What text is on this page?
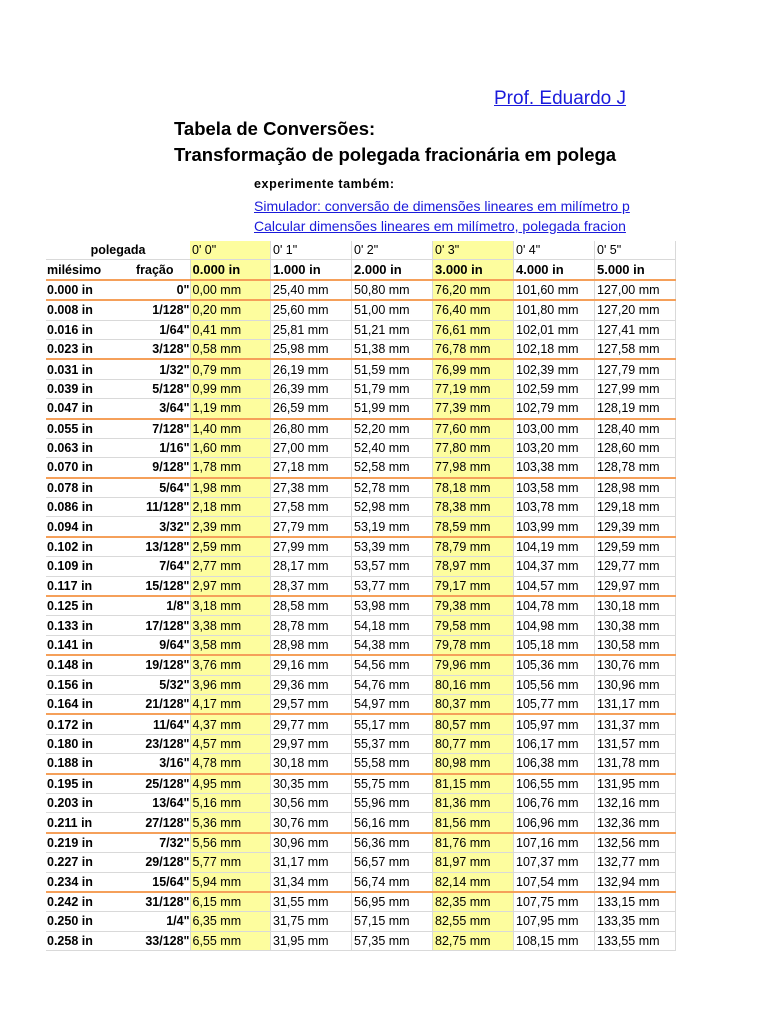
Prof. Eduardo J
Tabela de Conversões:
Transformação de polegada fracionária em polega
experimente também:
Simulador: conversão de dimensões lineares em milímetro p
Calcular dimensões lineares em milímetro, polegada fracion
polegada		0' 0"	0' 1"	0' 2"	0' 3"	0' 4"	0' 5"
milésimo	fração	0.000 in	1.000 in	2.000 in	3.000 in	4.000 in	5.000 in
0.000 in	0"	0,00 mm	25,40 mm	50,80 mm	76,20 mm	101,60 mm	127,00 mm
0.008 in	1/128"	0,20 mm	25,60 mm	51,00 mm	76,40 mm	101,80 mm	127,20 mm
0.016 in	1/64"	0,41 mm	25,81 mm	51,21 mm	76,61 mm	102,01 mm	127,41 mm
0.023 in	3/128"	0,58 mm	25,98 mm	51,38 mm	76,78 mm	102,18 mm	127,58 mm
0.031 in	1/32"	0,79 mm	26,19 mm	51,59 mm	76,99 mm	102,39 mm	127,79 mm
0.039 in	5/128"	0,99 mm	26,39 mm	51,79 mm	77,19 mm	102,59 mm	127,99 mm
0.047 in	3/64"	1,19 mm	26,59 mm	51,99 mm	77,39 mm	102,79 mm	128,19 mm
0.055 in	7/128"	1,40 mm	26,80 mm	52,20 mm	77,60 mm	103,00 mm	128,40 mm
0.063 in	1/16"	1,60 mm	27,00 mm	52,40 mm	77,80 mm	103,20 mm	128,60 mm
0.070 in	9/128"	1,78 mm	27,18 mm	52,58 mm	77,98 mm	103,38 mm	128,78 mm
0.078 in	5/64"	1,98 mm	27,38 mm	52,78 mm	78,18 mm	103,58 mm	128,98 mm
0.086 in	11/128"	2,18 mm	27,58 mm	52,98 mm	78,38 mm	103,78 mm	129,18 mm
0.094 in	3/32"	2,39 mm	27,79 mm	53,19 mm	78,59 mm	103,99 mm	129,39 mm
0.102 in	13/128"	2,59 mm	27,99 mm	53,39 mm	78,79 mm	104,19 mm	129,59 mm
0.109 in	7/64"	2,77 mm	28,17 mm	53,57 mm	78,97 mm	104,37 mm	129,77 mm
0.117 in	15/128"	2,97 mm	28,37 mm	53,77 mm	79,17 mm	104,57 mm	129,97 mm
0.125 in	1/8"	3,18 mm	28,58 mm	53,98 mm	79,38 mm	104,78 mm	130,18 mm
0.133 in	17/128"	3,38 mm	28,78 mm	54,18 mm	79,58 mm	104,98 mm	130,38 mm
0.141 in	9/64"	3,58 mm	28,98 mm	54,38 mm	79,78 mm	105,18 mm	130,58 mm
0.148 in	19/128"	3,76 mm	29,16 mm	54,56 mm	79,96 mm	105,36 mm	130,76 mm
0.156 in	5/32"	3,96 mm	29,36 mm	54,76 mm	80,16 mm	105,56 mm	130,96 mm
0.164 in	21/128"	4,17 mm	29,57 mm	54,97 mm	80,37 mm	105,77 mm	131,17 mm
0.172 in	11/64"	4,37 mm	29,77 mm	55,17 mm	80,57 mm	105,97 mm	131,37 mm
0.180 in	23/128"	4,57 mm	29,97 mm	55,37 mm	80,77 mm	106,17 mm	131,57 mm
0.188 in	3/16"	4,78 mm	30,18 mm	55,58 mm	80,98 mm	106,38 mm	131,78 mm
0.195 in	25/128"	4,95 mm	30,35 mm	55,75 mm	81,15 mm	106,55 mm	131,95 mm
0.203 in	13/64"	5,16 mm	30,56 mm	55,96 mm	81,36 mm	106,76 mm	132,16 mm
0.211 in	27/128"	5,36 mm	30,76 mm	56,16 mm	81,56 mm	106,96 mm	132,36 mm
0.219 in	7/32"	5,56 mm	30,96 mm	56,36 mm	81,76 mm	107,16 mm	132,56 mm
0.227 in	29/128"	5,77 mm	31,17 mm	56,57 mm	81,97 mm	107,37 mm	132,77 mm
0.234 in	15/64"	5,94 mm	31,34 mm	56,74 mm	82,14 mm	107,54 mm	132,94 mm
0.242 in	31/128"	6,15 mm	31,55 mm	56,95 mm	82,35 mm	107,75 mm	133,15 mm
0.250 in	1/4"	6,35 mm	31,75 mm	57,15 mm	82,55 mm	107,95 mm	133,35 mm
0.258 in	33/128"	6,55 mm	31,95 mm	57,35 mm	82,75 mm	108,15 mm	133,55 mm
